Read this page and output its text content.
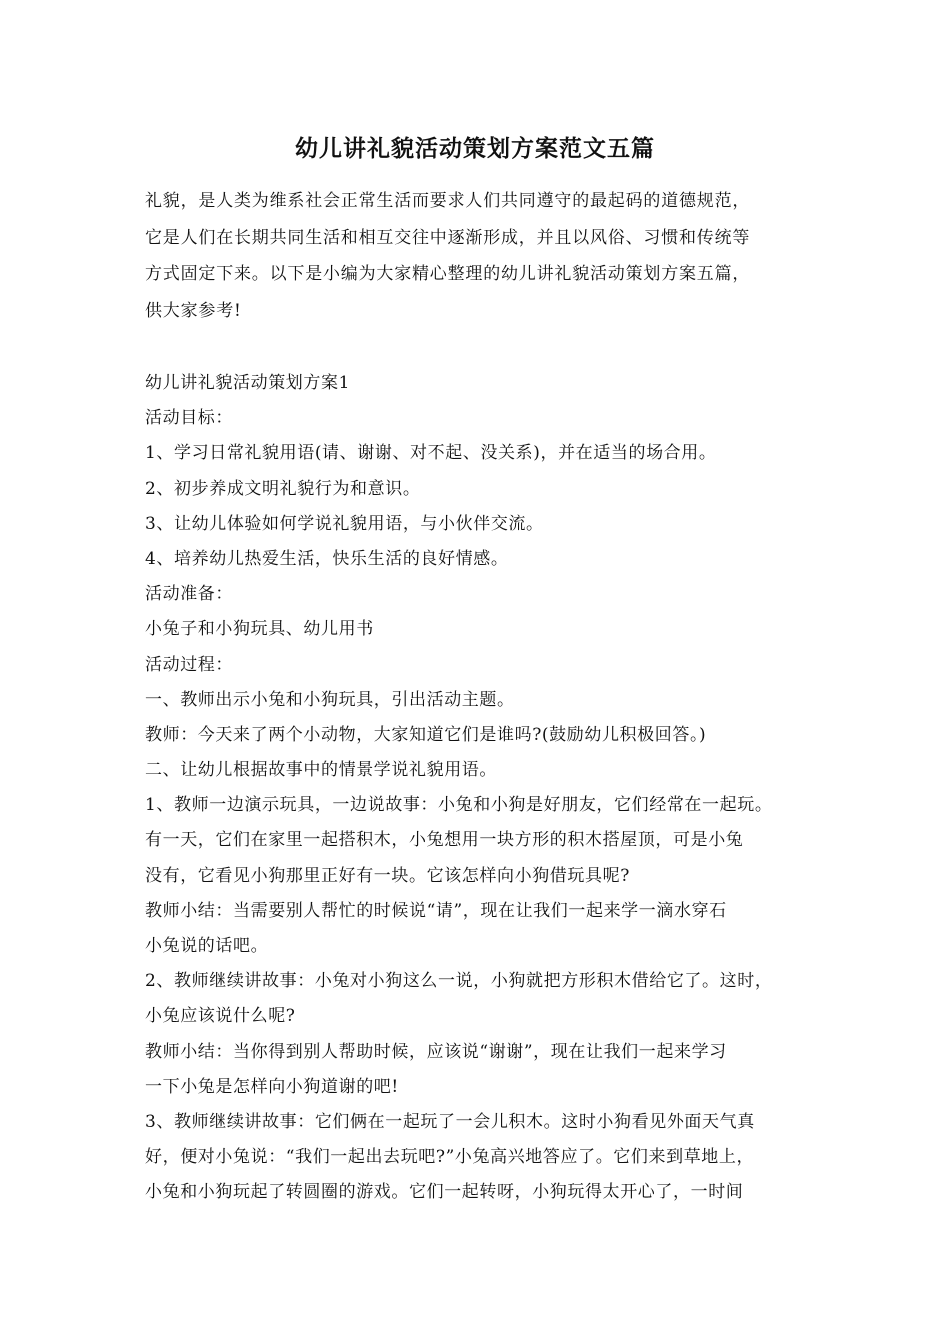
幼儿讲礼貌活动策划方案范文五篇

礼貌，是人类为维系社会正常生活而要求人们共同遵守的最起码的道德规范，

它是人们在长期共同生活和相互交往中逐渐形成，并且以风俗、习惯和传统等

方式固定下来。以下是小编为大家精心整理的幼儿讲礼貌活动策划方案五篇，

供大家参考!

幼儿讲礼貌活动策划方案1
活动目标：
1、学习日常礼貌用语(请、谢谢、对不起、没关系)，并在适当的场合用。
2、初步养成文明礼貌行为和意识。
3、让幼儿体验如何学说礼貌用语，与小伙伴交流。
4、培养幼儿热爱生活，快乐生活的良好情感。
活动准备：
小兔子和小狗玩具、幼儿用书
活动过程：
一、教师出示小兔和小狗玩具，引出活动主题。
教师：今天来了两个小动物，大家知道它们是谁吗?(鼓励幼儿积极回答。)
二、让幼儿根据故事中的情景学说礼貌用语。
1、教师一边演示玩具，一边说故事：小兔和小狗是好朋友，它们经常在一起玩。
有一天，它们在家里一起搭积木，小兔想用一块方形的积木搭屋顶，可是小兔
没有，它看见小狗那里正好有一块。它该怎样向小狗借玩具呢?
教师小结：当需要别人帮忙的时候说“请”，现在让我们一起来学一滴水穿石
小兔说的话吧。
2、教师继续讲故事：小兔对小狗这么一说，小狗就把方形积木借给它了。这时，
小兔应该说什么呢?
教师小结：当你得到别人帮助时候，应该说“谢谢”，现在让我们一起来学习
一下小兔是怎样向小狗道谢的吧!
3、教师继续讲故事：它们俩在一起玩了一会儿积木。这时小狗看见外面天气真
好，便对小兔说：“我们一起出去玩吧?”小兔高兴地答应了。它们来到草地上，
小兔和小狗玩起了转圆圈的游戏。它们一起转呀，小狗玩得太开心了，一时间
